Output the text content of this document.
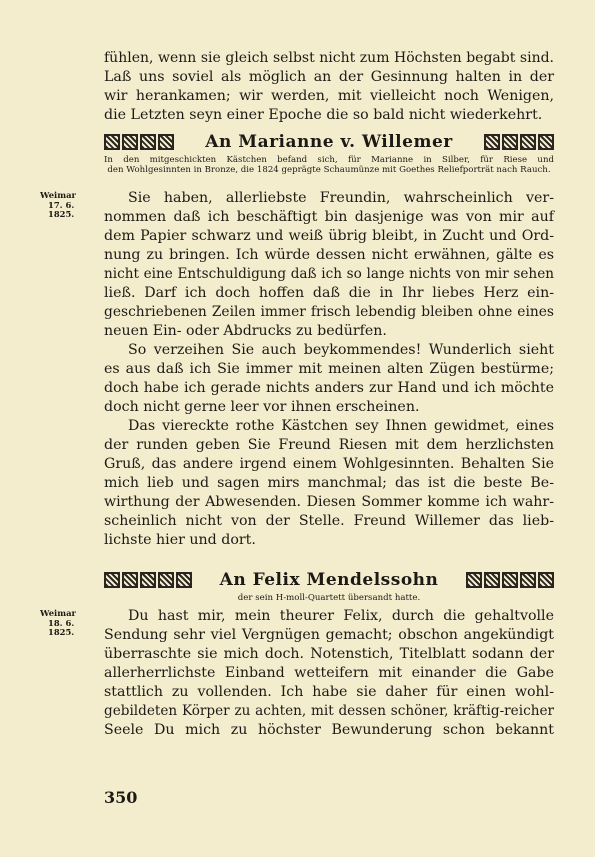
fühlen, wenn sie gleich selbst nicht zum Höchsten begabt sind.
Laß uns soviel als möglich an der Gesinnung halten in der
wir herankamen; wir werden, mit vielleicht noch Wenigen,
die Letzten seyn einer Epoche die so bald nicht wiederkehrt.
An Marianne v. Willemer
In den mitgeschickten Kästchen befand sich, für Marianne in Silber, für Riese und
den Wohlgesinnten in Bronze, die 1824 geprägte Schaumünze mit Goethes Reliefporträt nach Rauch.
Weimar
17. 6.
1825.
Sie haben, allerliebste Freundin, wahrscheinlich ver-
nommen daß ich beschäftigt bin dasjenige was von mir auf
dem Papier schwarz und weiß übrig bleibt, in Zucht und Ord-
nung zu bringen. Ich würde dessen nicht erwähnen, gälte es
nicht eine Entschuldigung daß ich so lange nichts von mir sehen
ließ. Darf ich doch hoffen daß die in Ihr liebes Herz ein-
geschriebenen Zeilen immer frisch lebendig bleiben ohne eines
neuen Ein- oder Abdrucks zu bedürfen.
So verzeihen Sie auch beykommendes! Wunderlich sieht
es aus daß ich Sie immer mit meinen alten Zügen bestürme;
doch habe ich gerade nichts anders zur Hand und ich möchte
doch nicht gerne leer vor ihnen erscheinen.
Das viereckte rothe Kästchen sey Ihnen gewidmet, eines
der runden geben Sie Freund Riesen mit dem herzlichsten
Gruß, das andere irgend einem Wohlgesinnten. Behalten Sie
mich lieb und sagen mirs manchmal; das ist die beste Be-
wirthung der Abwesenden. Diesen Sommer komme ich wahr-
scheinlich nicht von der Stelle. Freund Willemer das lieb-
lichste hier und dort.
An Felix Mendelssohn
der sein H-moll-Quartett übersandt hatte.
Weimar
18. 6.
1825.
Du hast mir, mein theurer Felix, durch die gehaltvolle
Sendung sehr viel Vergnügen gemacht; obschon angekündigt
überraschte sie mich doch. Notenstich, Titelblatt sodann der
allerherrlichste Einband wetteifern mit einander die Gabe
stattlich zu vollenden. Ich habe sie daher für einen wohl-
gebildeten Körper zu achten, mit dessen schöner, kräftig-reicher
Seele Du mich zu höchster Bewunderung schon bekannt
350
